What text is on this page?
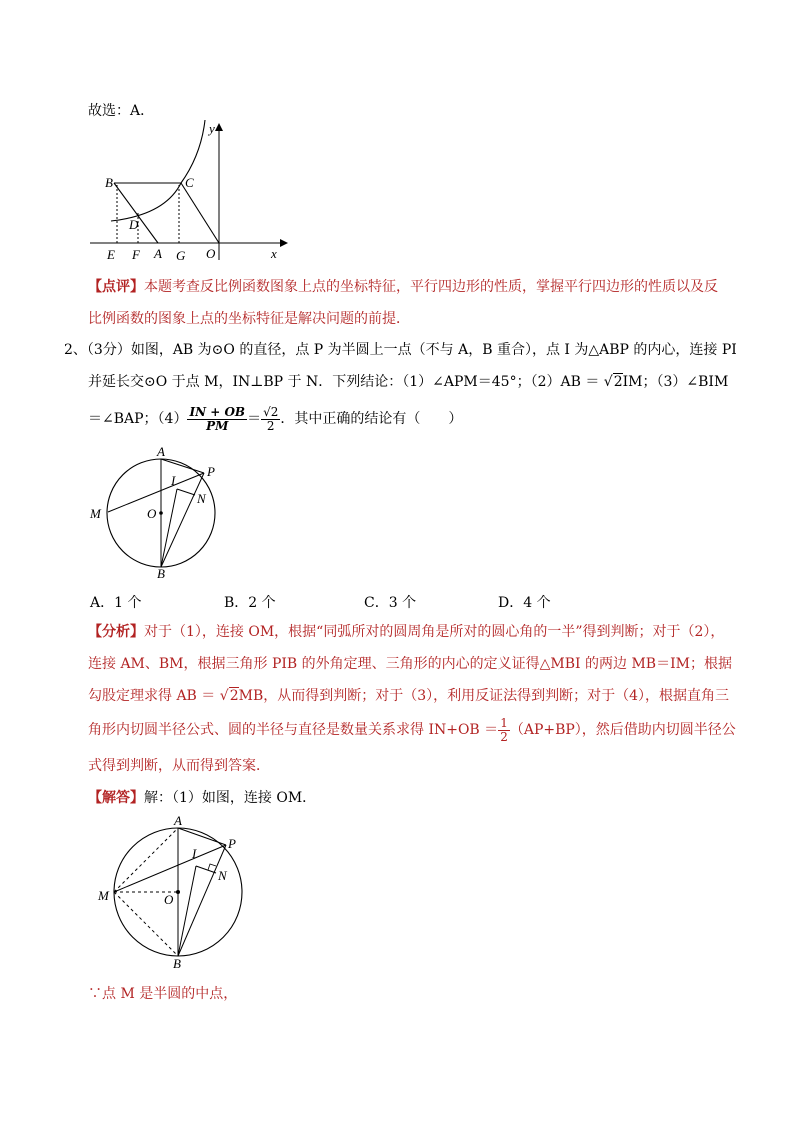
故选：A．
y
x
B	C
D
E F A G O
【点评】本题考查反比例函数图象上点的坐标特征，平行四边形的性质，掌握平行四边形的性质以及反
比例函数的图象上点的坐标特征是解决问题的前提．
2、（3分）如图，AB 为⊙O 的直径，点 P 为半圆上一点（不与 A，B 重合），点 I 为△ABP 的内心，连接 PI
并延长交⊙O 于点 M，IN⊥BP 于 N．下列结论：（1）∠APM＝45°；（2）AB ＝ √2IM；（3）∠BIM
＝∠BAP；$(4) \frac{IN + OB}{PM} = \frac{√2}{2}$ ．其中正确的结论有（　　）
A
P
I
N
M	O
B
A．1 个	B．2 个	C．3 个	D．4 个
【分析】对于（1），连接 OM，根据“同弧所对的圆周角是所对的圆心角的一半”得到判断；对于（2），
连接 AM、BM，根据三角形 PIB 的外角定理、三角形的内心的定义证得△MBI 的两边 MB＝IM；根据
勾股定理求得 AB ＝ √2MB，从而得到判断；对于（3），利用反证法得到判断；对于（4），根据直角三
角形内切圆半径公式、圆的半径与直径是数量关系求得 $IN+OB = \frac{1}{2} (AP+BP)$，然后借助内切圆半径公
式得到判断，从而得到答案．
【解答】解：（1）如图，连接 OM．
A
P
I
N
M	O
B
∵点 M 是半圆的中点，
